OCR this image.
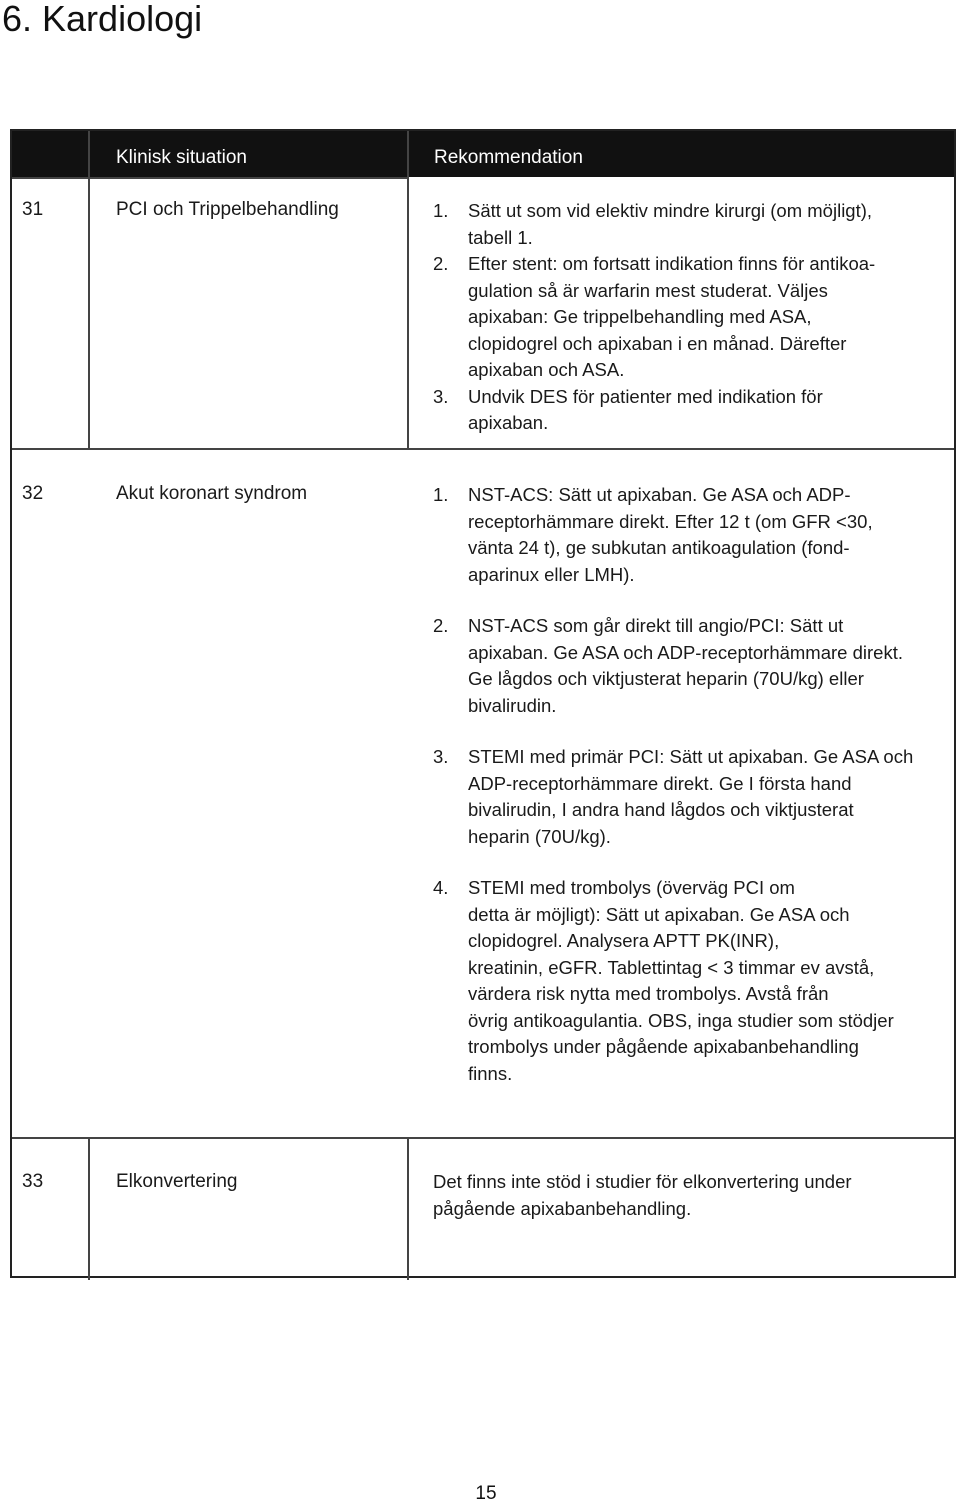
6. Kardiologi
Klinisk situation	Rekommendation
31	PCI och Trippelbehandling	1. Sätt ut som vid elektiv mindre kirurgi (om möjligt),
tabell 1.
2. Efter stent: om fortsatt indikation finns för antikoa-
gulation så är warfarin mest studerat. Väljes
apixaban: Ge trippelbehandling med ASA,
clopidogrel och apixaban i en månad. Därefter
apixaban och ASA.
3. Undvik DES för patienter med indikation för
apixaban.
32	Akut koronart syndrom	1. NST-ACS: Sätt ut apixaban. Ge ASA och ADP-
receptorhämmare direkt. Efter 12 t (om GFR <30,
vänta 24 t), ge subkutan antikoagulation (fond-
aparinux eller LMH).
2. NST-ACS som går direkt till angio/PCI: Sätt ut
apixaban. Ge ASA och ADP-receptorhämmare direkt.
Ge lågdos och viktjusterat heparin (70U/kg) eller
bivalirudin.
3. STEMI med primär PCI: Sätt ut apixaban. Ge ASA och
ADP-receptorhämmare direkt. Ge I första hand
bivalirudin, I andra hand lågdos och viktjusterat
heparin (70U/kg).
4. STEMI med trombolys (överväg PCI om
detta är möjligt): Sätt ut apixaban. Ge ASA och
clopidogrel. Analysera APTT PK(INR),
kreatinin, eGFR. Tablettintag < 3 timmar ev avstå,
värdera risk nytta med trombolys. Avstå från
övrig antikoagulantia. OBS, inga studier som stödjer
trombolys under pågående apixabanbehandling
finns.
33	Elkonvertering	Det finns inte stöd i studier för elkonvertering under
pågående apixabanbehandling.
15
